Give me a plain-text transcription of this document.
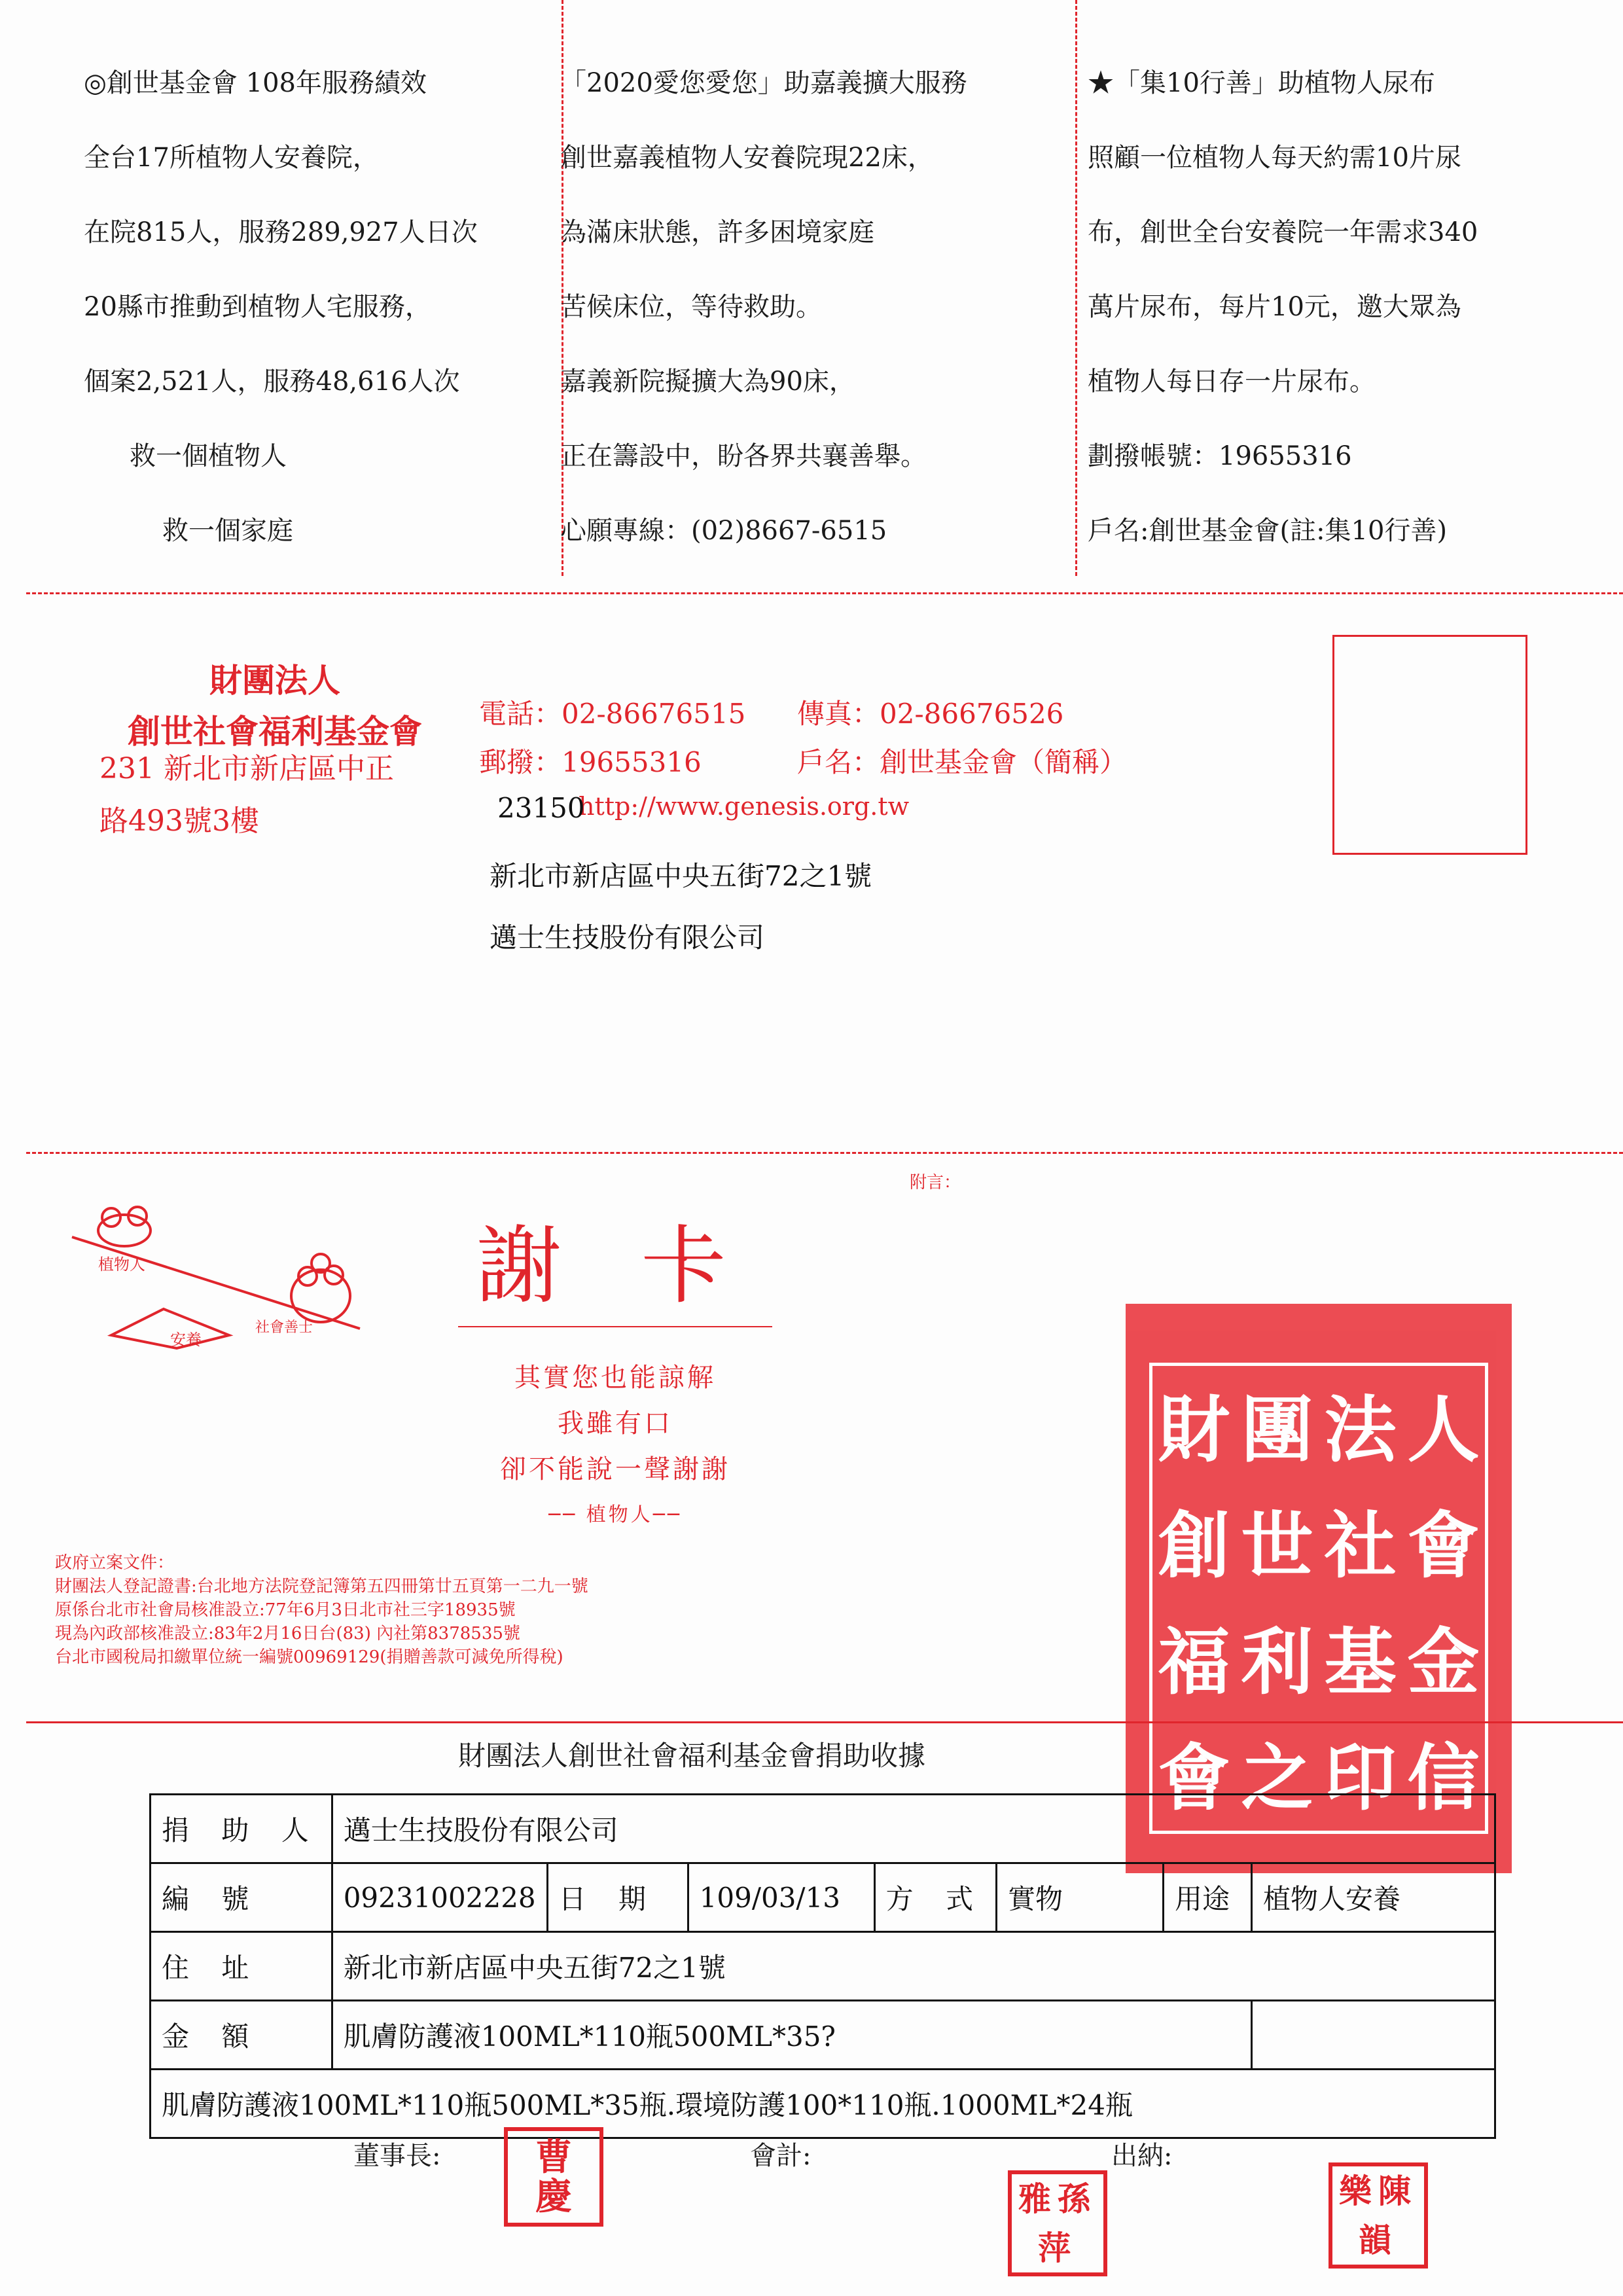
◎創世基金會 108年服務績效
全台17所植物人安養院，
在院815人，服務289,927人日次
20縣市推動到植物人宅服務，
個案2,521人，服務48,616人次
救一個植物人
救一個家庭
「2020愛您愛您」助嘉義擴大服務
創世嘉義植物人安養院現22床，
為滿床狀態，許多困境家庭
苦候床位，等待救助。
嘉義新院擬擴大為90床，
正在籌設中，盼各界共襄善舉。
心願專線：(02)8667-6515
★「集10行善」助植物人尿布
照顧一位植物人每天約需10片尿
布，創世全台安養院一年需求340
萬片尿布，每片10元，邀大眾為
植物人每日存一片尿布。
劃撥帳號：19655316
戶名:創世基金會(註:集10行善)
財團法人
創世社會福利基金會
231 新北市新店區中正
路493號3樓
電話：02-86676515 傳真：02-86676526
郵撥：19655316	戶名：創世基金會（簡稱）
http://www.genesis.org.tw
23150
新北市新店區中央五街72之1號
邁士生技股份有限公司
附言：
植物人
社會善士
安養
謝 卡
其實您也能諒解
我雖有口
卻不能說一聲謝謝
── 植物人──
政府立案文件：
財團法人登記證書:台北地方法院登記簿第五四冊第廿五頁第一二九一號
原係台北市社會局核准設立:77年6月3日北市社三字18935號
現為內政部核准設立:83年2月16日台(83) 內社第8378535號
台北市國稅局扣繳單位統一編號00969129(捐贈善款可減免所得稅)
財 團 法 人
創 世 社 會
福 利 基 金
會 之 印 信
財團法人創世社會福利基金會捐助收據
捐 助 人	邁士生技股份有限公司						
編 號	09231002228	日 期	109/03/13	方 式	實物	用途	植物人安養
住 址	新北市新店區中央五街72之1號						
金 額	肌膚防護液100ML*110瓶500ML*35?						
肌膚防護液100ML*110瓶500ML*35瓶.環境防護100*110瓶.1000ML*24瓶							
董事長:	會計:	出納:
曹
慶	雅 孫
萍
樂 陳
韻
